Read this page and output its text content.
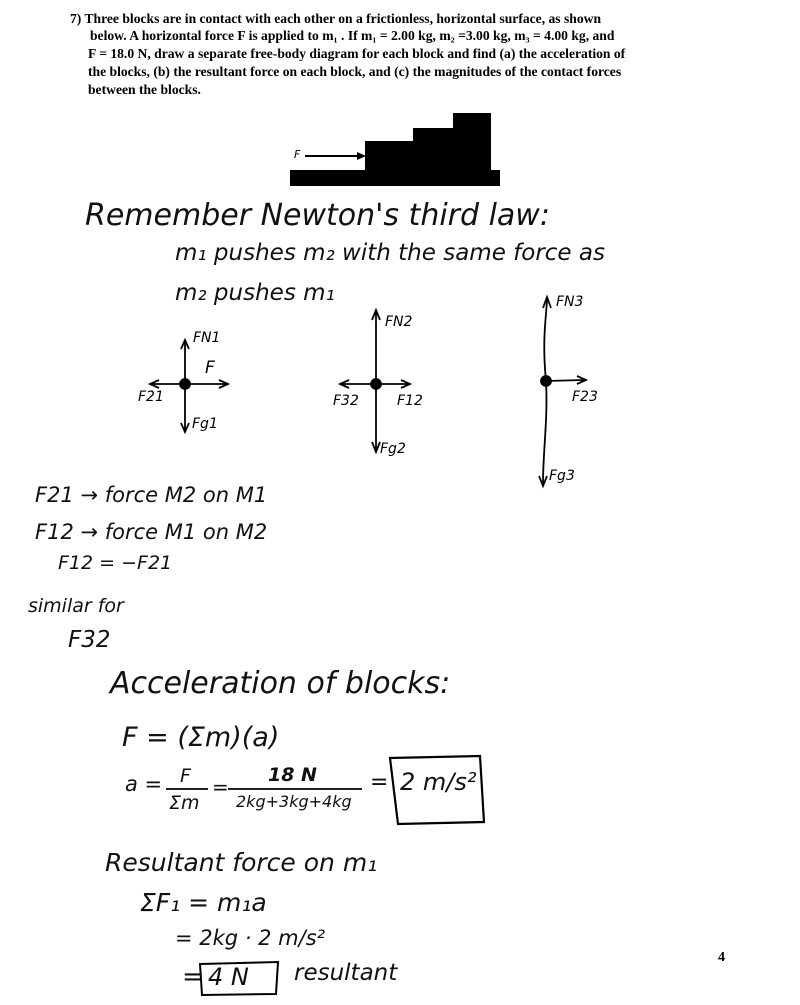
7) Three blocks are in contact with each other on a frictionless, horizontal surface, as shown
below. A horizontal force F is applied to m₁ . If m₁ = 2.00 kg, m₂ =3.00 kg, m₃ = 4.00 kg, and
F = 18.0 N, draw a separate free-body diagram for each block and find (a) the acceleration of
the blocks, (b) the resultant force on each block, and (c) the magnitudes of the contact forces
between the blocks.
F
Remember Newton's third law:
m₁ pushes m₂ with the same force as
m₂ pushes m₁
FN1
F
F21
Fg1
FN2
F32	F12
Fg2
FN3
F23
Fg3
F21 → force M2 on M1
F12 → force M1 on M2
F12 = −F21
similar for
F32
Acceleration of blocks:
F = (Σm)(a)
a = F
Σm
= 18 N
2kg+3kg+4kg
= 2 m/s²
Resultant force on m₁
ΣF₁ = m₁a
= 2kg · 2 m/s²
= 4 N resultant
4
